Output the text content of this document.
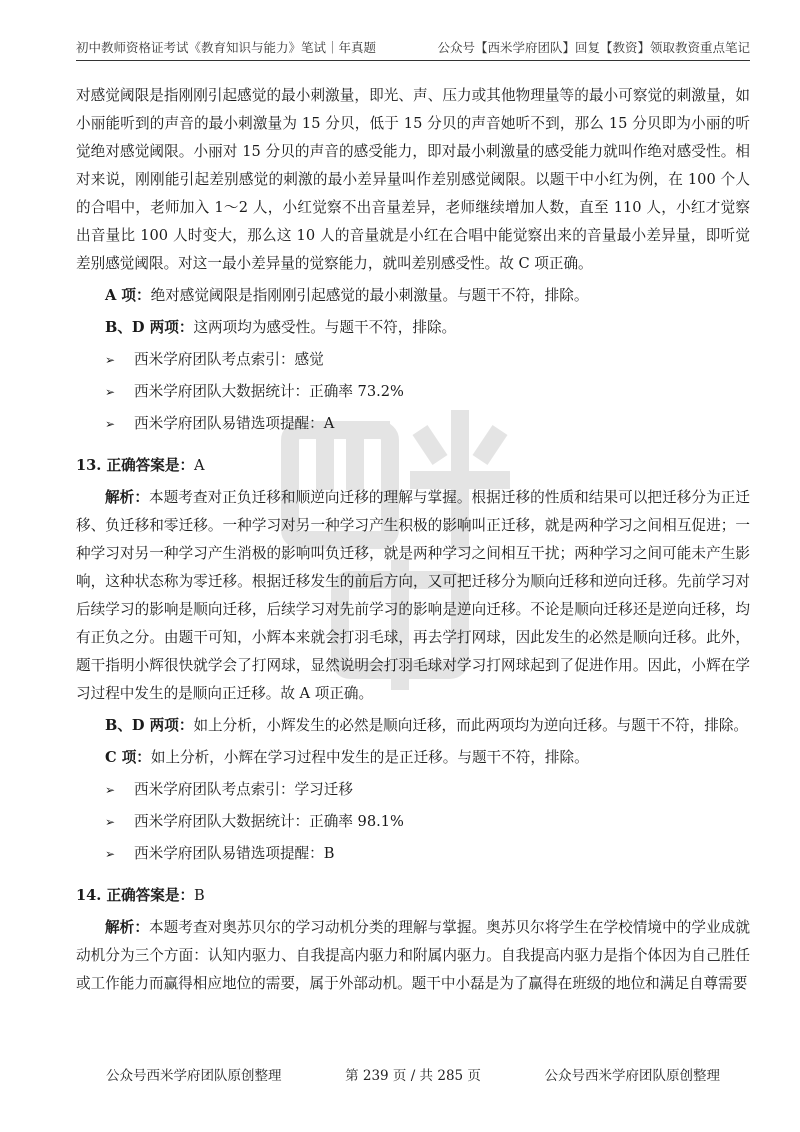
初中教师资格证考试《教育知识与能力》笔试｜年真题	公众号【西米学府团队】回复【教资】领取教资重点笔记

对感觉阈限是指刚刚引起感觉的最小刺激量，即光、声、压力或其他物理量等的最小可察觉的刺激量，如小丽能听到的声音的最小刺激量为 15 分贝，低于 15 分贝的声音她听不到，那么 15 分贝即为小丽的听觉绝对感觉阈限。小丽对 15 分贝的声音的感受能力，即对最小刺激量的感受能力就叫作绝对感受性。相对来说，刚刚能引起差别感觉的刺激的最小差异量叫作差别感觉阈限。以题干中小红为例，在 100 个人的合唱中，老师加入 1～2 人，小红觉察不出音量差异，老师继续增加人数，直至 110 人，小红才觉察出音量比 100 人时变大，那么这 10 人的音量就是小红在合唱中能觉察出来的音量最小差异量，即听觉差别感觉阈限。对这一最小差异量的觉察能力，就叫差别感受性。故 C 项正确。

A 项：绝对感觉阈限是指刚刚引起感觉的最小刺激量。与题干不符，排除。

B、D 两项：这两项均为感受性。与题干不符，排除。

➢	西米学府团队考点索引：感觉
➢	西米学府团队大数据统计：正确率 73.2%
➢	西米学府团队易错选项提醒：A

13. 正确答案是：A

解析：本题考查对正负迁移和顺逆向迁移的理解与掌握。根据迁移的性质和结果可以把迁移分为正迁移、负迁移和零迁移。一种学习对另一种学习产生积极的影响叫正迁移，就是两种学习之间相互促进；一种学习对另一种学习产生消极的影响叫负迁移，就是两种学习之间相互干扰；两种学习之间可能未产生影响，这种状态称为零迁移。根据迁移发生的前后方向，又可把迁移分为顺向迁移和逆向迁移。先前学习对后续学习的影响是顺向迁移，后续学习对先前学习的影响是逆向迁移。不论是顺向迁移还是逆向迁移，均有正负之分。由题干可知，小辉本来就会打羽毛球，再去学打网球，因此发生的必然是顺向迁移。此外，题干指明小辉很快就学会了打网球，显然说明会打羽毛球对学习打网球起到了促进作用。因此，小辉在学习过程中发生的是顺向正迁移。故 A 项正确。

B、D 两项：如上分析，小辉发生的必然是顺向迁移，而此两项均为逆向迁移。与题干不符，排除。

C 项：如上分析，小辉在学习过程中发生的是正迁移。与题干不符，排除。

➢	西米学府团队考点索引：学习迁移
➢	西米学府团队大数据统计：正确率 98.1%
➢	西米学府团队易错选项提醒：B

14. 正确答案是：B

解析：本题考查对奥苏贝尔的学习动机分类的理解与掌握。奥苏贝尔将学生在学校情境中的学业成就动机分为三个方面：认知内驱力、自我提高内驱力和附属内驱力。自我提高内驱力是指个体因为自己胜任或工作能力而赢得相应地位的需要，属于外部动机。题干中小磊是为了赢得在班级的地位和满足自尊需要

公众号西米学府团队原创整理	第 239 页 / 共 285 页	公众号西米学府团队原创整理
